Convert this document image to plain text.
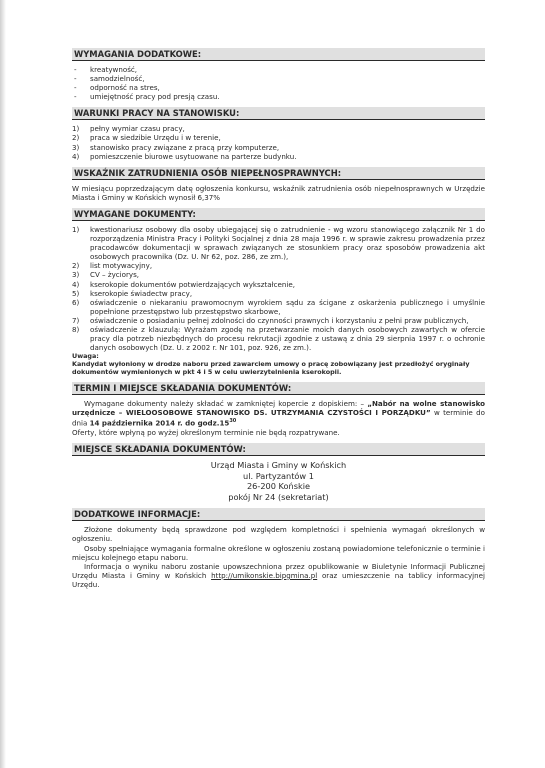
WYMAGANIA DODATKOWE:
- kreatywność,
- samodzielność,
- odporność na stres,
- umiejętność pracy pod presją czasu.
WARUNKI PRACY NA STANOWISKU:
1) pełny wymiar czasu pracy,
2) praca w siedzibie Urzędu i w terenie,
3) stanowisko pracy związane z pracą przy komputerze,
4) pomieszczenie biurowe usytuowane na parterze budynku.
WSKAŹNIK ZATRUDNIENIA OSÓB NIEPEŁNOSPRAWNYCH:
W miesiącu poprzedzającym datę ogłoszenia konkursu, wskaźnik zatrudnienia osób niepełnosprawnych w Urzędzie Miasta i Gminy w Końskich wynosił 6,37%
WYMAGANE DOKUMENTY:
1) kwestionariusz osobowy dla osoby ubiegającej się o zatrudnienie - wg wzoru stanowiącego załącznik Nr 1 do rozporządzenia Ministra Pracy i Polityki Socjalnej z dnia 28 maja 1996 r. w sprawie zakresu prowadzenia przez pracodawców dokumentacji w sprawach związanych ze stosunkiem pracy oraz sposobów prowadzenia akt osobowych pracownika (Dz. U. Nr 62, poz. 286, ze zm.),
2) list motywacyjny,
3) CV – życiorys,
4) kserokopie dokumentów potwierdzających wykształcenie,
5) kserokopie świadectw pracy,
6) oświadczenie o niekaraniu prawomocnym wyrokiem sądu za ścigane z oskarżenia publicznego i umyślnie popełnione przestępstwo lub przestępstwo skarbowe,
7) oświadczenie o posiadaniu pełnej zdolności do czynności prawnych i korzystaniu z pełni praw publicznych,
8) oświadczenie z klauzulą: Wyrażam zgodę na przetwarzanie moich danych osobowych zawartych w ofercie pracy dla potrzeb niezbędnych do procesu rekrutacji zgodnie z ustawą z dnia 29 sierpnia 1997 r. o ochronie danych osobowych (Dz. U. z 2002 r. Nr 101, poz. 926, ze zm.).
Uwaga:
Kandydat wyłoniony w drodze naboru przed zawarciem umowy o pracę zobowiązany jest przedłożyć oryginały dokumentów wymienionych w pkt 4 i 5 w celu uwierzytelnienia kserokopii.
TERMIN I MIEJSCE SKŁADANIA DOKUMENTÓW:
Wymagane dokumenty należy składać w zamkniętej kopercie z dopiskiem: – „Nabór na wolne stanowisko urzędnicze – WIELOOSOBOWE STANOWISKO DS. UTRZYMANIA CZYSTOŚCI I PORZĄDKU” w terminie do dnia 14 października 2014 r. do $godz.15^{30}$
Oferty, które wpłyną po wyżej określonym terminie nie będą rozpatrywane.
MIEJSCE SKŁADANIA DOKUMENTÓW:
Urząd Miasta i Gminy w Końskich
ul. Partyzantów 1
26-200 Końskie
pokój Nr 24 (sekretariat)
DODATKOWE INFORMACJE:
Złożone dokumenty będą sprawdzone pod względem kompletności i spełnienia wymagań określonych w ogłoszeniu.
Osoby spełniające wymagania formalne określone w ogłoszeniu zostaną powiadomione telefonicznie o terminie i miejscu kolejnego etapu naboru.
Informacja o wyniku naboru zostanie upowszechniona przez opublikowanie w Biuletynie Informacji Publicznej Urzędu Miasta i Gminy w Końskich http://umikonskie.bipgmina.pl oraz umieszczenie na tablicy informacyjnej Urzędu.
